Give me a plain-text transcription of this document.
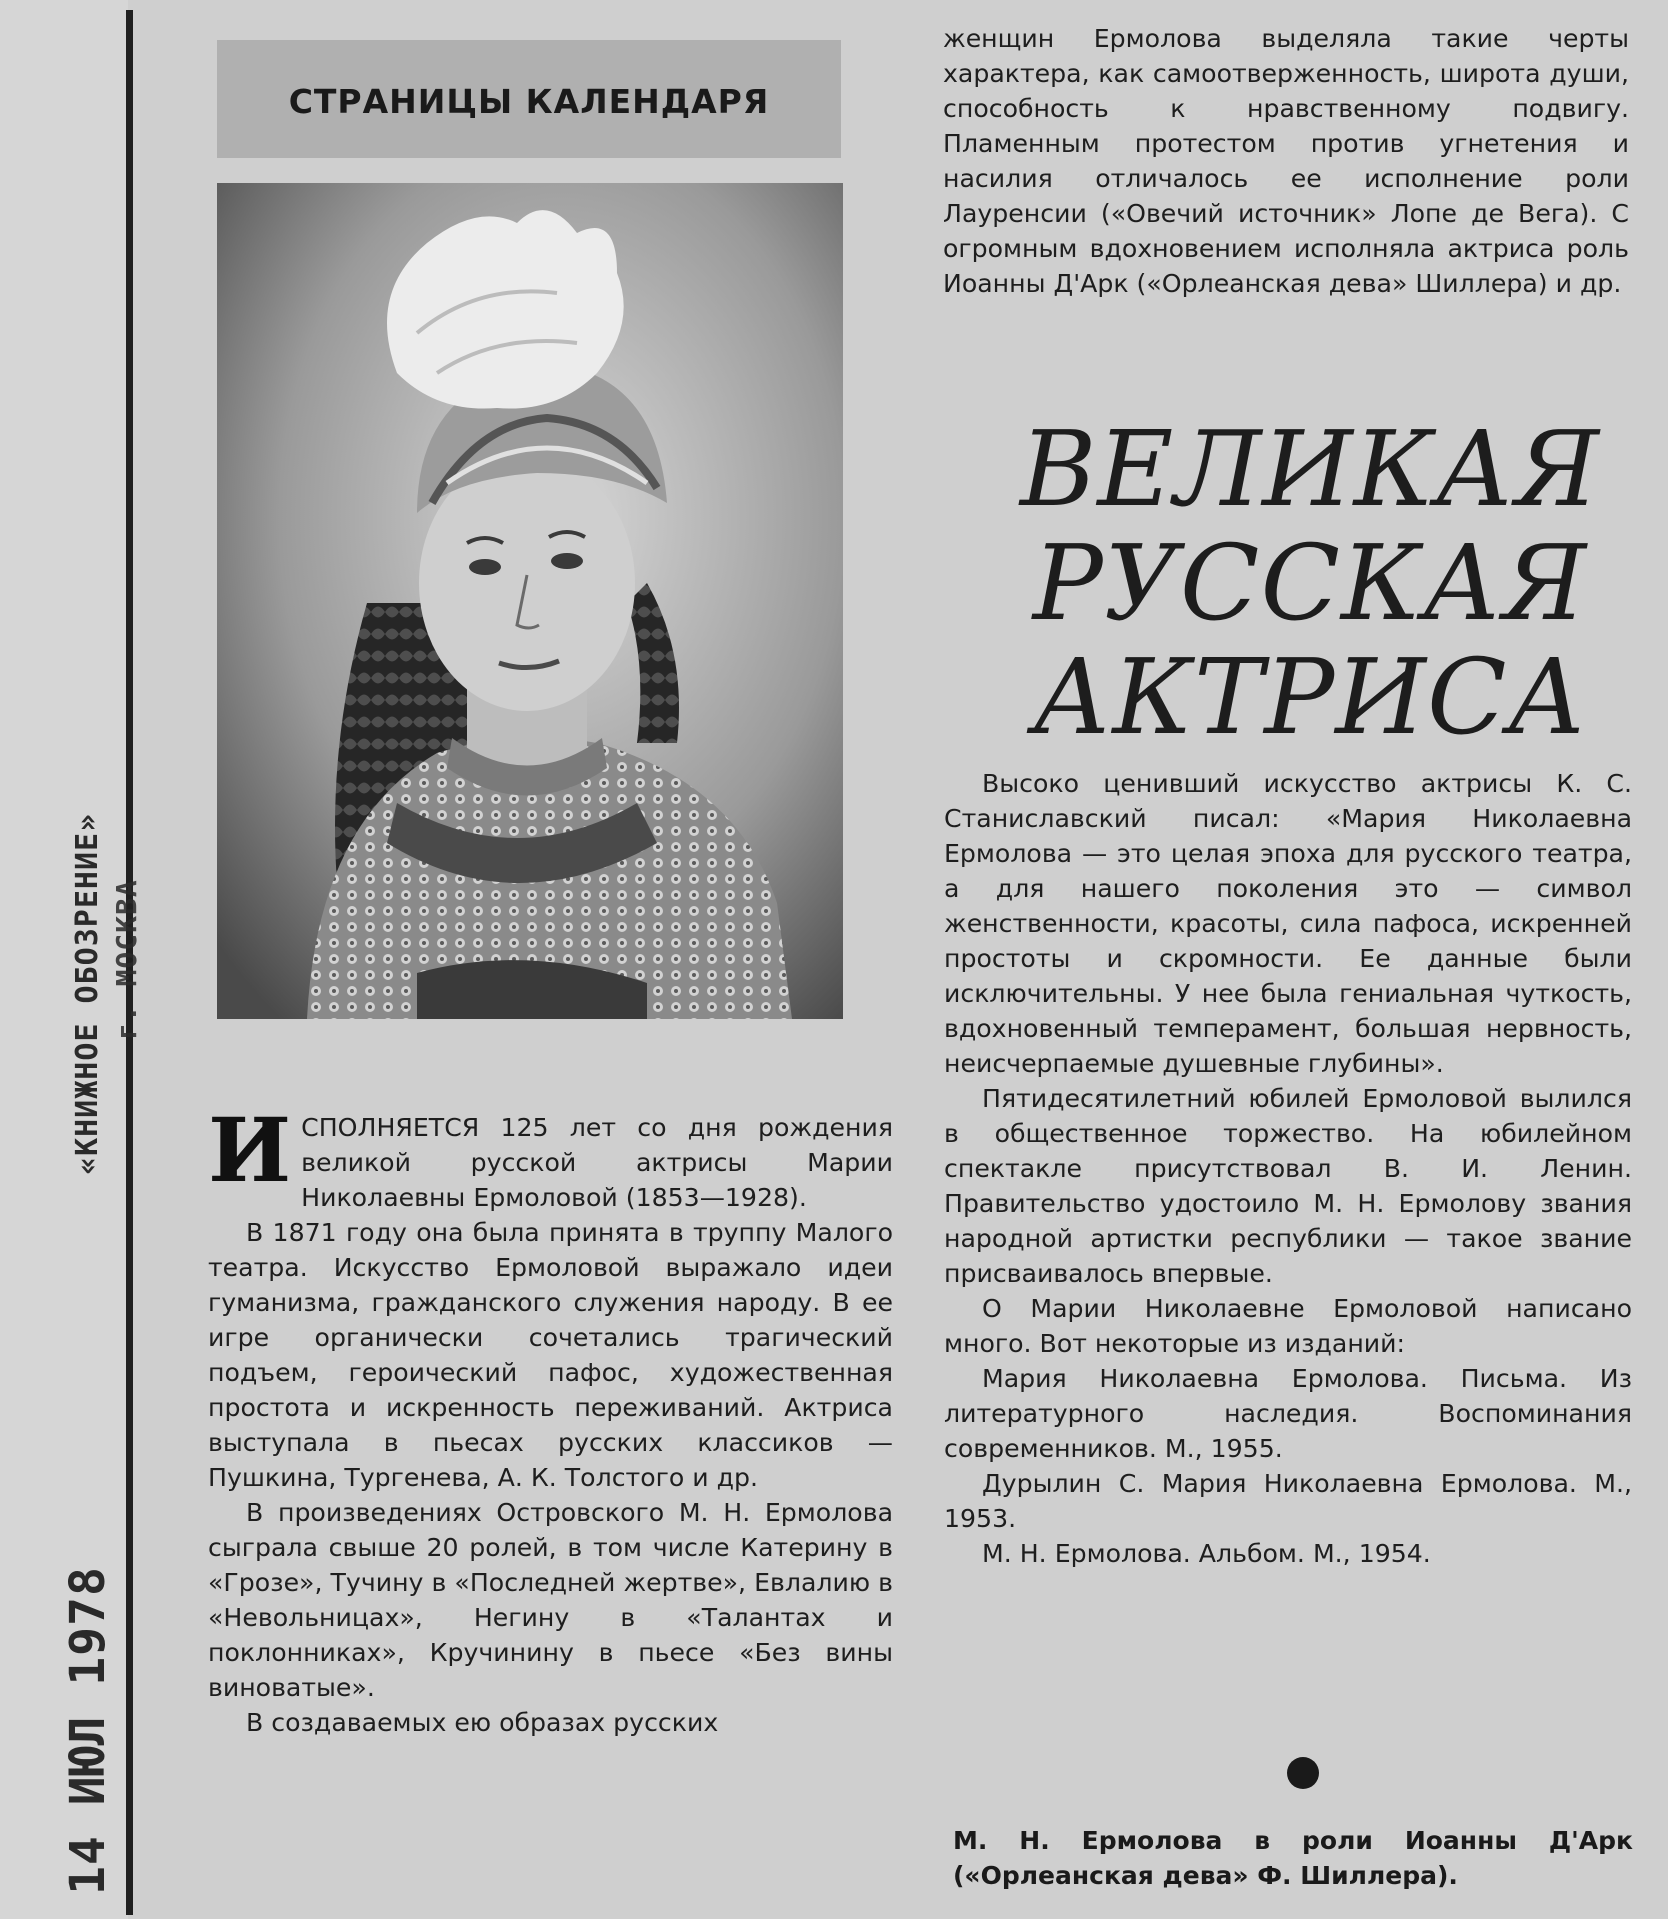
«КНИЖНОЕ ОБОЗРЕНИЕ» г. МОСКВА
14 ИЮЛ 1978
СТРАНИЦЫ КАЛЕНДАРЯ

ИСПОЛНЯЕТСЯ 125 лет со дня рождения великой русской актрисы Марии Николаевны Ермоловой (1853—1928).

В 1871 году она была принята в труппу Малого театра. Искусство Ермоловой выражало идеи гуманизма, гражданского служения народу. В ее игре органически сочетались трагический подъем, героический пафос, художественная простота и искренность переживаний. Актриса выступала в пьесах русских классиков — Пушкина, Тургенева, А. К. Толстого и др.

В произведениях Островского М. Н. Ермолова сыграла свыше 20 ролей, в том числе Катерину в «Грозе», Тучину в «Последней жертве», Евлалию в «Невольницах», Негину в «Талантах и поклонниках», Кручинину в пьесе «Без вины виноватые».

В создаваемых ею образах русских

женщин Ермолова выделяла такие черты характера, как самоотверженность, широта души, способность к нравственному подвигу. Пламенным протестом против угнетения и насилия отличалось ее исполнение роли Лауренсии («Овечий источник» Лопе де Вега). С огромным вдохновением исполняла актриса роль Иоанны Д'Арк («Орлеанская дева» Шиллера) и др.

ВЕЛИКАЯ
РУССКАЯ
АКТРИСА

Высоко ценивший искусство актрисы К. С. Станиславский писал: «Мария Николаевна Ермолова — это целая эпоха для русского театра, а для нашего поколения это — символ женственности, красоты, сила пафоса, искренней простоты и скромности. Ее данные были исключительны. У нее была гениальная чуткость, вдохновенный темперамент, большая нервность, неисчерпаемые душевные глубины».

Пятидесятилетний юбилей Ермоловой вылился в общественное торжество. На юбилейном спектакле присутствовал В. И. Ленин. Правительство удостоило М. Н. Ермолову звания народной артистки республики — такое звание присваивалось впервые.

О Марии Николаевне Ермоловой написано много. Вот некоторые из изданий:

Мария Николаевна Ермолова. Письма. Из литературного наследия. Воспоминания современников. М., 1955.

Дурылин С. Мария Николаевна Ермолова. М., 1953.

М. Н. Ермолова. Альбом. М., 1954.

М. Н. Ермолова в роли Иоанны Д'Арк («Орлеанская дева» Ф. Шиллера).
